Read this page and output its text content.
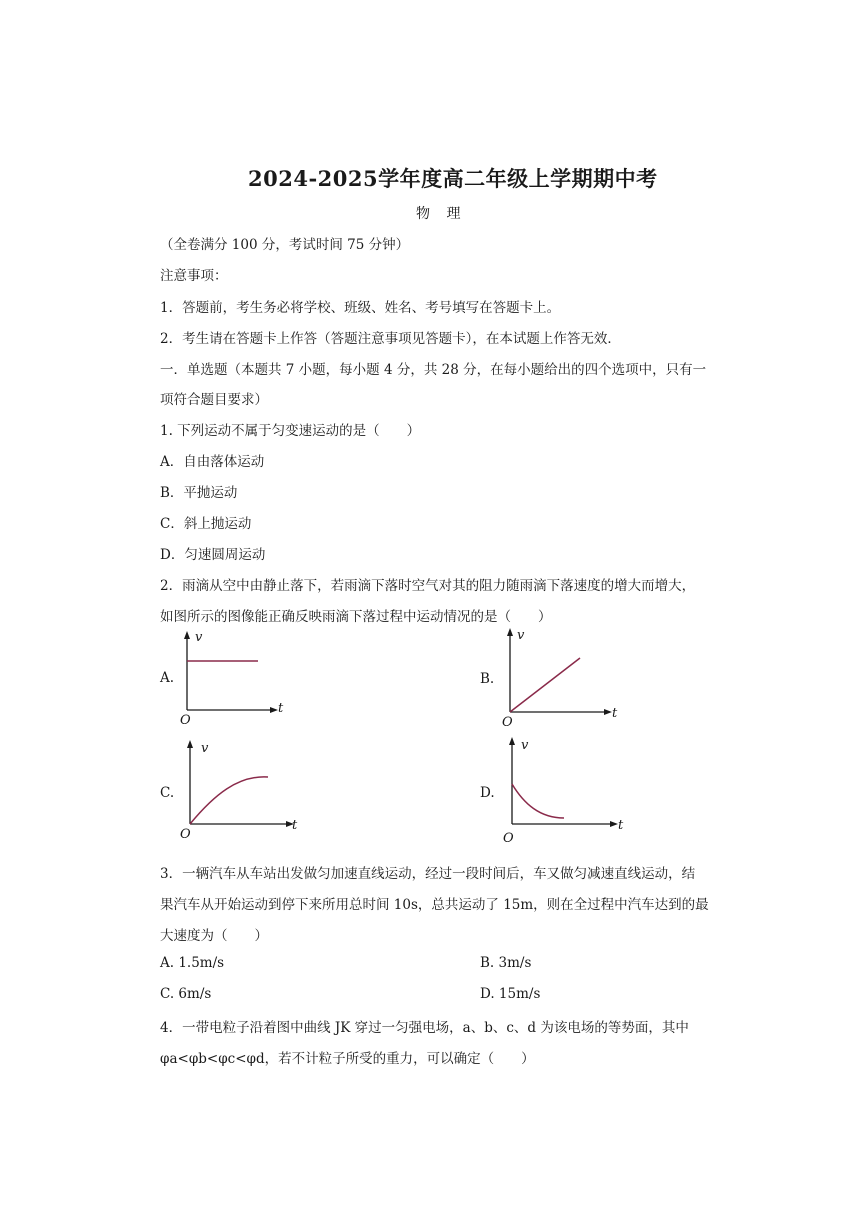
2024-2025学年度高二年级上学期期中考
物 理
（全卷满分 100 分，考试时间 75 分钟）
注意事项：
1．答题前，考生务必将学校、班级、姓名、考号填写在答题卡上。
2．考生请在答题卡上作答（答题注意事项见答题卡），在本试题上作答无效．
一．单选题（本题共 7 小题，每小题 4 分，共 28 分，在每小题给出的四个选项中，只有一
项符合题目要求）
1. 下列运动不属于匀变速运动的是（　　）
A．自由落体运动
B．平抛运动
C．斜上抛运动
D．匀速圆周运动
2．雨滴从空中由静止落下，若雨滴下落时空气对其的阻力随雨滴下落速度的增大而增大，
如图所示的图像能正确反映雨滴下落过程中运动情况的是（　　）
A.
v
t
O
B.
v
t
O
C.
v
t
O
D.
v
t
O
3．一辆汽车从车站出发做匀加速直线运动，经过一段时间后，车又做匀减速直线运动，结
果汽车从开始运动到停下来所用总时间 10s，总共运动了 15m，则在全过程中汽车达到的最
大速度为（　　）
A. 1.5m/s	B. 3m/s
C. 6m/s	D. 15m/s
4．一带电粒子沿着图中曲线 JK 穿过一匀强电场，a、b、c、d 为该电场的等势面，其中
φa<φb<φc<φd，若不计粒子所受的重力，可以确定（　　）
